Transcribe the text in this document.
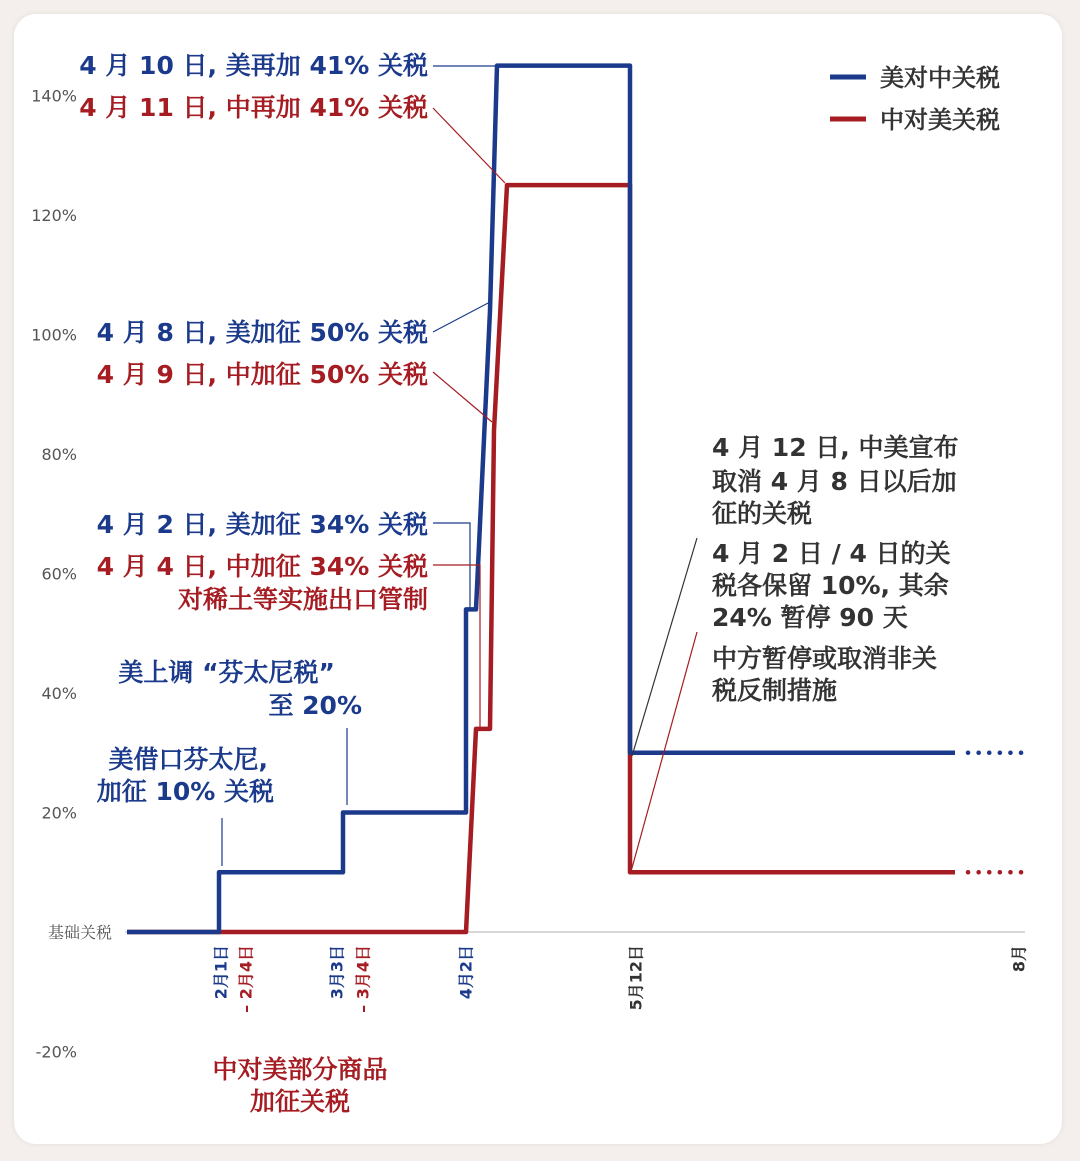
-20%
20%
40%
60%
80%
100%
120%
140%
基础关税
美对中关税
中对美关税
4 月 10 日, 美再加 41% 关税
4 月 11 日, 中再加 41% 关税
4 月 8 日, 美加征 50% 关税
4 月 9 日, 中加征 50% 关税
4 月 2 日, 美加征 34% 关税
4 月 4 日, 中加征 34% 关税
对稀土等实施出口管制
美上调 “芬太尼税”
至 20%
美借口芬太尼,
加征 10% 关税
中对美部分商品
加征关税
4 月 12 日, 中美宣布
取消 4 月 8 日以后加
征的关税
4 月 2 日 / 4 日的关
税各保留 10%, 其余
24% 暂停 90 天
中方暂停或取消非关
税反制措施
2月1日 – 2月4日	3月3日 – 3月4日	4月2日	5月12日	8月
